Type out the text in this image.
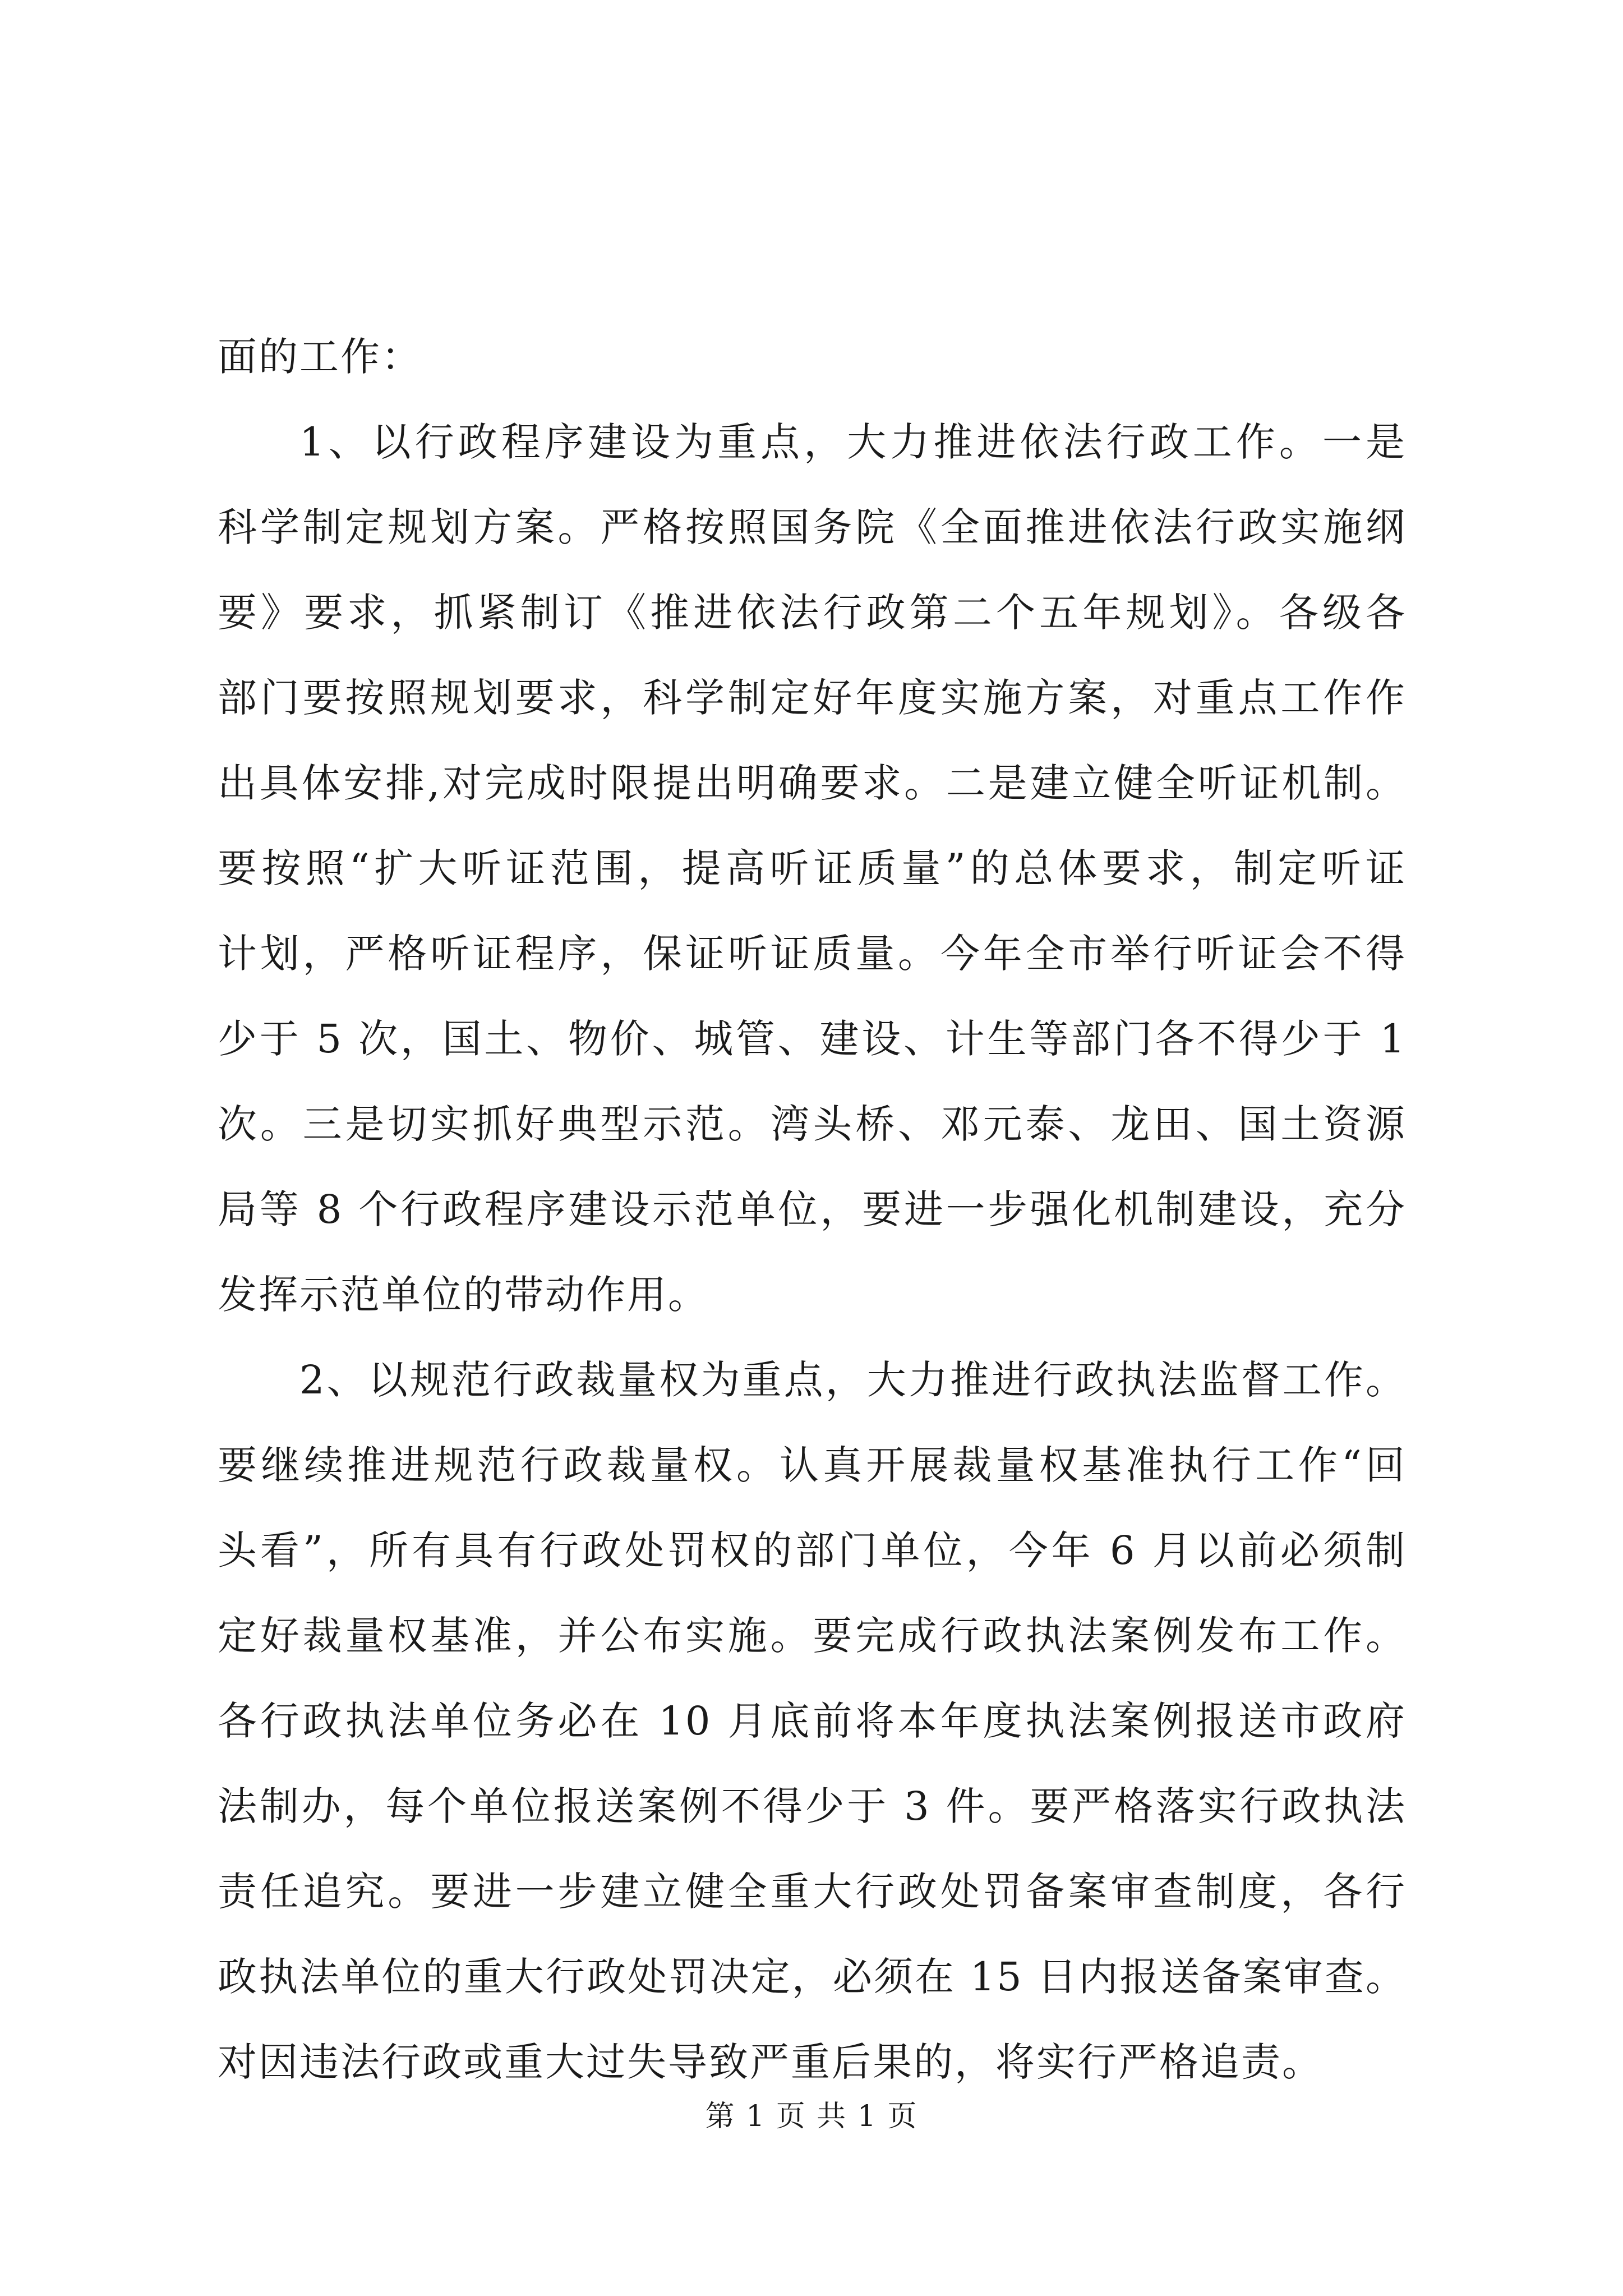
面的工作：

1、以行政程序建设为重点，大力推进依法行政工作。一是

科学制定规划方案。严格按照国务院《全面推进依法行政实施纲

要》要求，抓紧制订《推进依法行政第二个五年规划》。各级各

部门要按照规划要求，科学制定好年度实施方案，对重点工作作

出具体安排,对完成时限提出明确要求。二是建立健全听证机制。

要按照“扩大听证范围，提高听证质量”的总体要求，制定听证

计划，严格听证程序，保证听证质量。今年全市举行听证会不得

少于 5 次，国土、物价、城管、建设、计生等部门各不得少于 1

次。三是切实抓好典型示范。湾头桥、邓元泰、龙田、国土资源

局等 8 个行政程序建设示范单位，要进一步强化机制建设，充分

发挥示范单位的带动作用。

2、以规范行政裁量权为重点，大力推进行政执法监督工作。

要继续推进规范行政裁量权。认真开展裁量权基准执行工作“回

头看”，所有具有行政处罚权的部门单位，今年 6 月以前必须制

定好裁量权基准，并公布实施。要完成行政执法案例发布工作。

各行政执法单位务必在 10 月底前将本年度执法案例报送市政府

法制办，每个单位报送案例不得少于 3 件。要严格落实行政执法

责任追究。要进一步建立健全重大行政处罚备案审查制度，各行

政执法单位的重大行政处罚决定，必须在 15 日内报送备案审查。

对因违法行政或重大过失导致严重后果的，将实行严格追责。

第 1 页 共 1 页
